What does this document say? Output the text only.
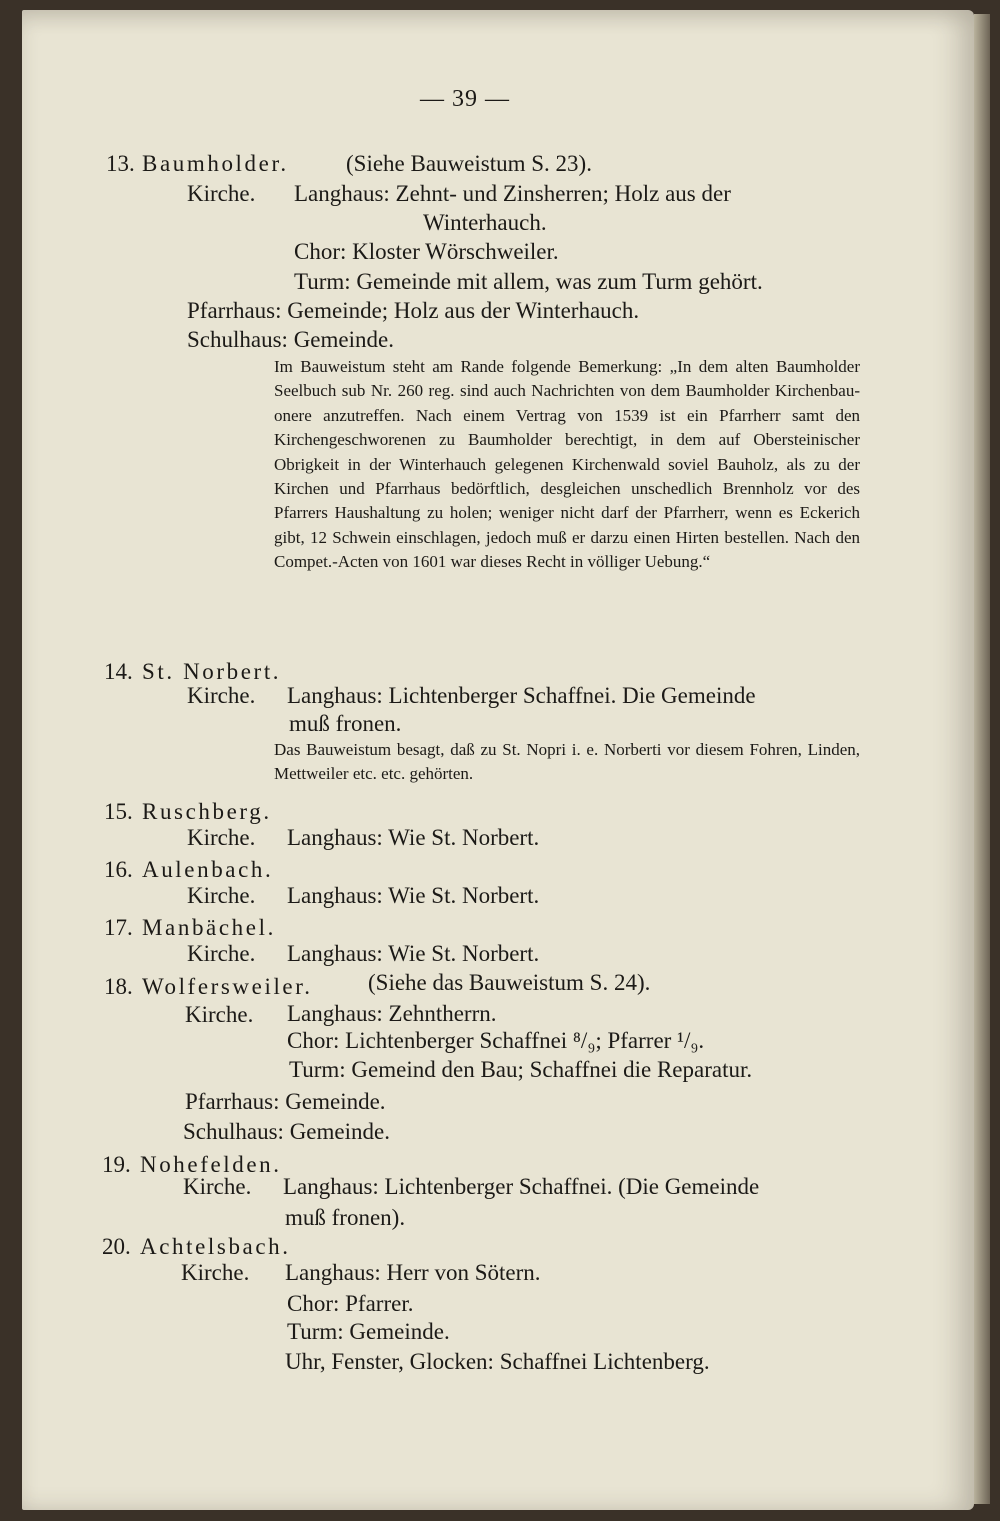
— 39 —
13. Baumholder. (Siehe Bauweistum S. 23).
Kirche. Langhaus: Zehnt- und Zinsherren; Holz aus der
Winterhauch.
Chor: Kloster Wörschweiler.
Turm: Gemeinde mit allem, was zum Turm gehört.
Pfarrhaus: Gemeinde; Holz aus der Winterhauch.
Schulhaus: Gemeinde.
Im Bauweistum steht am Rande folgende Bemerkung: „In dem alten Baumholder Seelbuch sub Nr. 260 reg. sind auch Nachrichten von dem Baumholder Kirchenbau-onere anzutreffen. Nach einem Vertrag von 1539 ist ein Pfarrherr samt den Kirchengeschworenen zu Baumholder berechtigt, in dem auf Obersteinischer Obrigkeit in der Winterhauch gelegenen Kirchenwald soviel Bauholz, als zu der Kirchen und Pfarrhaus bedörftlich, desgleichen unschedlich Brennholz vor des Pfarrers Haushaltung zu holen; weniger nicht darf der Pfarrherr, wenn es Eckerich gibt, 12 Schwein einschlagen, jedoch muß er darzu einen Hirten bestellen. Nach den Compet.-Acten von 1601 war dieses Recht in völliger Uebung.“
14. St. Norbert.
Kirche. Langhaus: Lichtenberger Schaffnei. Die Gemeinde
muß fronen.
Das Bauweistum besagt, daß zu St. Nopri i. e. Norberti vor diesem Fohren, Linden, Mettweiler etc. etc. gehörten.
15. Ruschberg.
Kirche. Langhaus: Wie St. Norbert.
16. Aulenbach.
Kirche. Langhaus: Wie St. Norbert.
17. Manbächel.
Kirche. Langhaus: Wie St. Norbert.
18. Wolfersweiler. (Siehe das Bauweistum S. 24).
Kirche. Langhaus: Zehntherrn.
Chor: Lichtenberger Schaffnei ⁸/₉; Pfarrer ¹/₉.
Turm: Gemeind den Bau; Schaffnei die Reparatur.
Pfarrhaus: Gemeinde.
Schulhaus: Gemeinde.
19. Nohefelden.
Kirche. Langhaus: Lichtenberger Schaffnei. (Die Gemeinde
muß fronen).
20. Achtelsbach.
Kirche. Langhaus: Herr von Sötern.
Chor: Pfarrer.
Turm: Gemeinde.
Uhr, Fenster, Glocken: Schaffnei Lichtenberg.
